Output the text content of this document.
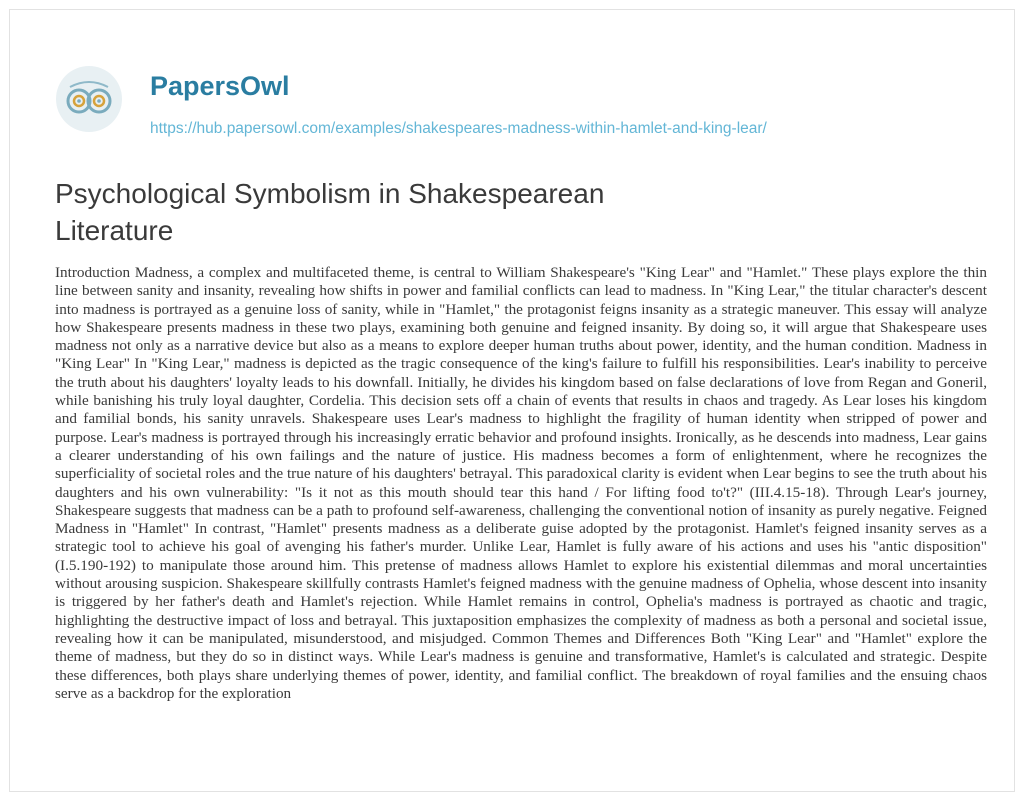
PapersOwl
https://hub.papersowl.com/examples/shakespeares-madness-within-hamlet-and-king-lear/
Psychological Symbolism in Shakespearean Literature

Introduction Madness, a complex and multifaceted theme, is central to William Shakespeare's "King Lear" and "Hamlet." These plays explore the thin line between sanity and insanity, revealing how shifts in power and familial conflicts can lead to madness. In "King Lear," the titular character's descent into madness is portrayed as a genuine loss of sanity, while in "Hamlet," the protagonist feigns insanity as a strategic maneuver. This essay will analyze how Shakespeare presents madness in these two plays, examining both genuine and feigned insanity. By doing so, it will argue that Shakespeare uses madness not only as a narrative device but also as a means to explore deeper human truths about power, identity, and the human condition. Madness in "King Lear" In "King Lear," madness is depicted as the tragic consequence of the king's failure to fulfill his responsibilities. Lear's inability to perceive the truth about his daughters' loyalty leads to his downfall. Initially, he divides his kingdom based on false declarations of love from Regan and Goneril, while banishing his truly loyal daughter, Cordelia. This decision sets off a chain of events that results in chaos and tragedy. As Lear loses his kingdom and familial bonds, his sanity unravels. Shakespeare uses Lear's madness to highlight the fragility of human identity when stripped of power and purpose. Lear's madness is portrayed through his increasingly erratic behavior and profound insights. Ironically, as he descends into madness, Lear gains a clearer understanding of his own failings and the nature of justice. His madness becomes a form of enlightenment, where he recognizes the superficiality of societal roles and the true nature of his daughters' betrayal. This paradoxical clarity is evident when Lear begins to see the truth about his daughters and his own vulnerability: "Is it not as this mouth should tear this hand / For lifting food to't?" (III.4.15-18). Through Lear's journey, Shakespeare suggests that madness can be a path to profound self-awareness, challenging the conventional notion of insanity as purely negative. Feigned Madness in "Hamlet" In contrast, "Hamlet" presents madness as a deliberate guise adopted by the protagonist. Hamlet's feigned insanity serves as a strategic tool to achieve his goal of avenging his father's murder. Unlike Lear, Hamlet is fully aware of his actions and uses his "antic disposition" (I.5.190-192) to manipulate those around him. This pretense of madness allows Hamlet to explore his existential dilemmas and moral uncertainties without arousing suspicion. Shakespeare skillfully contrasts Hamlet's feigned madness with the genuine madness of Ophelia, whose descent into insanity is triggered by her father's death and Hamlet's rejection. While Hamlet remains in control, Ophelia's madness is portrayed as chaotic and tragic, highlighting the destructive impact of loss and betrayal. This juxtaposition emphasizes the complexity of madness as both a personal and societal issue, revealing how it can be manipulated, misunderstood, and misjudged. Common Themes and Differences Both "King Lear" and "Hamlet" explore the theme of madness, but they do so in distinct ways. While Lear's madness is genuine and transformative, Hamlet's is calculated and strategic. Despite these differences, both plays share underlying themes of power, identity, and familial conflict. The breakdown of royal families and the ensuing chaos serve as a backdrop for the exploration
